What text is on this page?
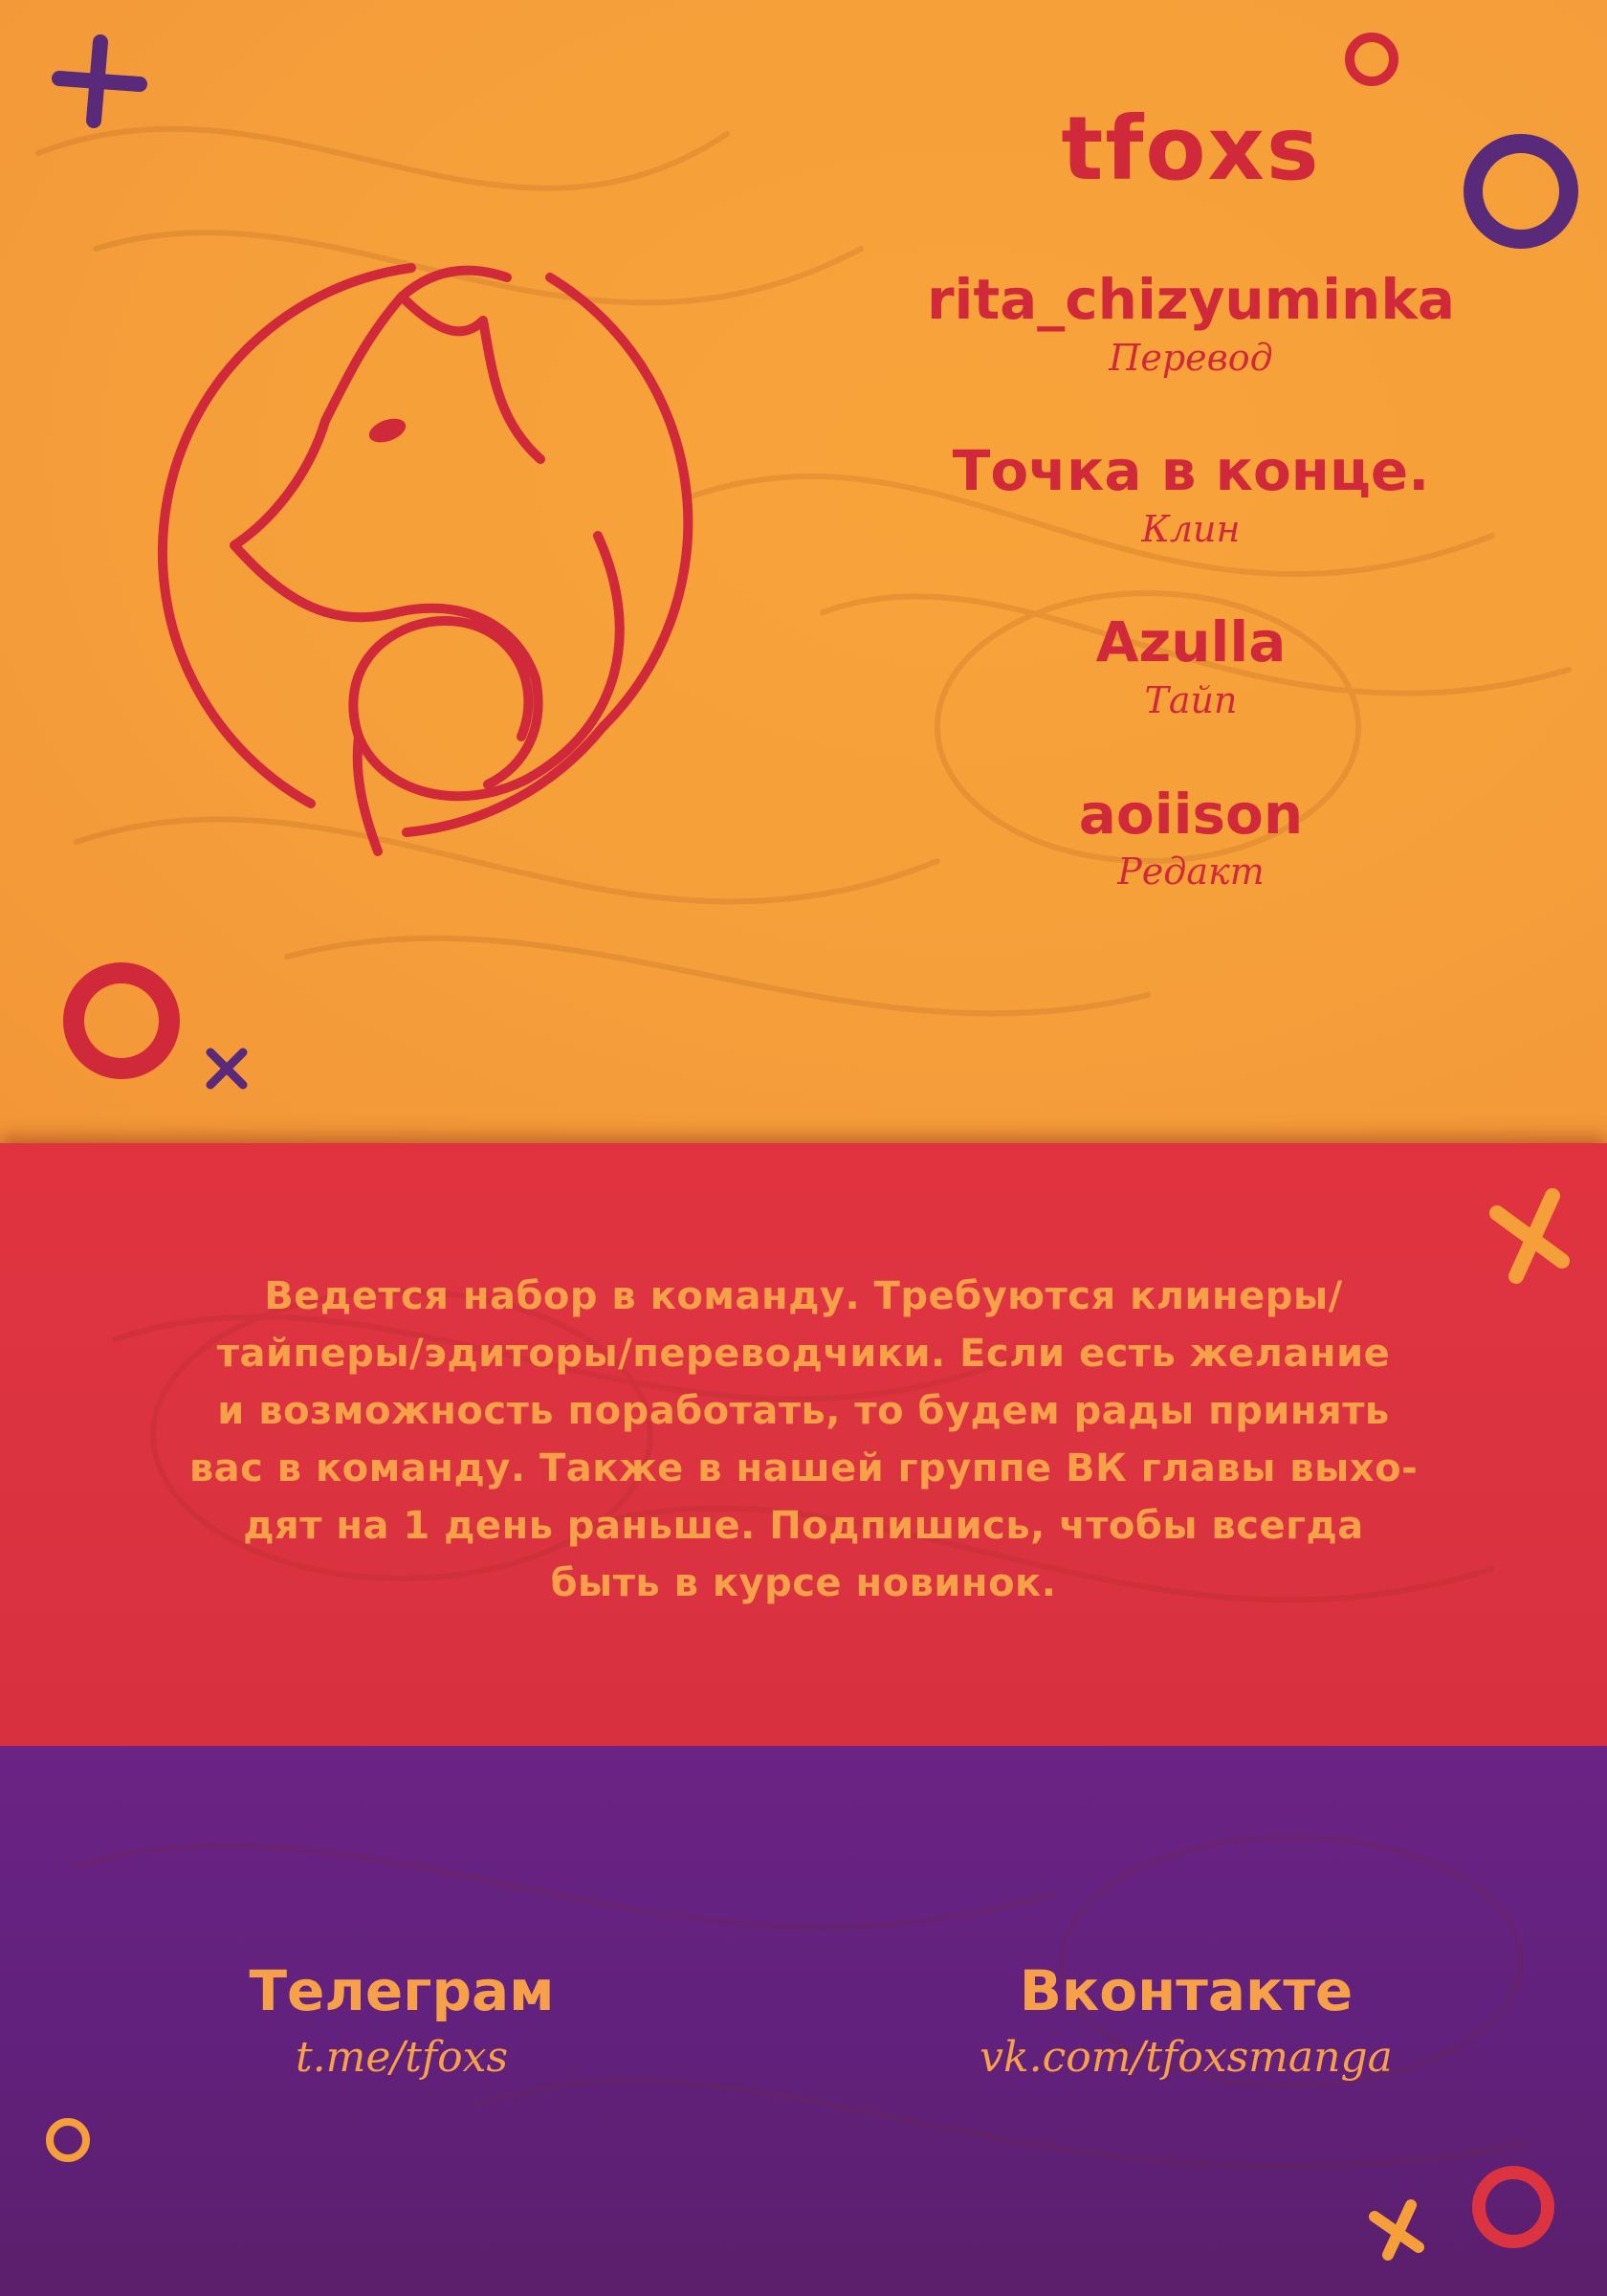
tfoxs
rita_chizyuminka
Перевод
Точка в конце.
Клин
Azulla
Тайп
aoiison
Редакт
Ведется набор в команду. Требуются клинеры/
тайперы/эдиторы/переводчики. Если есть желание
и возможность поработать, то будем рады принять
вас в команду. Также в нашей группе ВК главы выхо-
дят на 1 день раньше. Подпишись, чтобы всегда
быть в курсе новинок.
Телеграм
t.me/tfoxs
Вконтакте
vk.com/tfoxsmanga
